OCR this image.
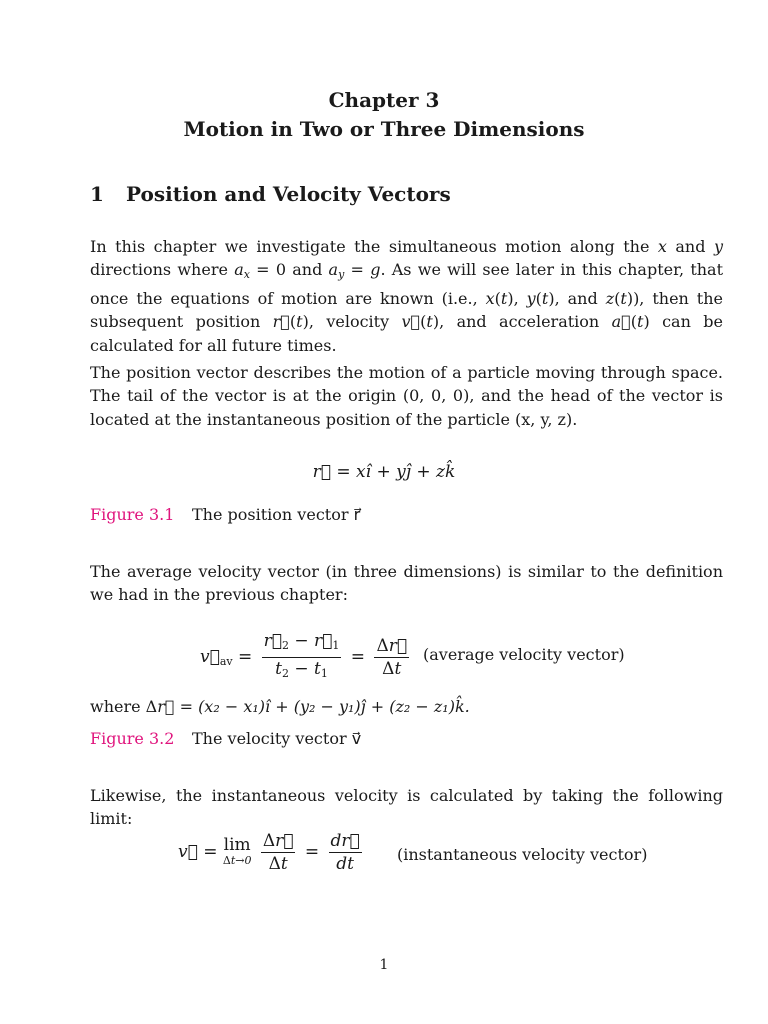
Chapter 3
Motion in Two or Three Dimensions
1 Position and Velocity Vectors
In this chapter we investigate the simultaneous motion along the x and y directions where ax = 0 and ay = g. As we will see later in this chapter, that once the equations of motion are known (i.e., x(t), y(t), and z(t)), then the subsequent position r⃗(t), velocity v⃗(t), and acceleration a⃗(t) can be calculated for all future times.
The position vector describes the motion of a particle moving through space. The tail of the vector is at the origin (0, 0, 0), and the head of the vector is located at the instantaneous position of the particle (x, y, z).
r⃗ = xî + yĵ + zk̂
Figure 3.1 The position vector r⃗
The average velocity vector (in three dimensions) is similar to the definition we had in the previous chapter:
$v⃗_{av} = \frac{r⃗_2 - r⃗_1}{t_2 - t_1} = \frac{\Delta r⃗}{\Delta t}$ (average velocity vector)
where Δr⃗ = (x₂ − x₁)î + (y₂ − y₁)ĵ + (z₂ − z₁)k̂.
Figure 3.2 The velocity vector v⃗
Likewise, the instantaneous velocity is calculated by taking the following limit:
v⃗ = lim
Δt→0
$\frac{\Delta r⃗}{\Delta t} = \frac{dr⃗}{dt}$ (instantaneous velocity vector)
1
